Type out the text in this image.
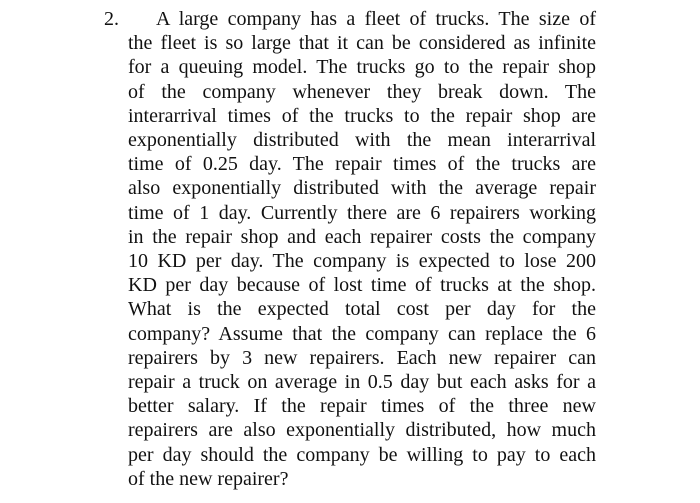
2.	A large company has a fleet of trucks. The size of
the fleet is so large that it can be considered as infinite
for a queuing model. The trucks go to the repair shop
of the company whenever they break down. The
interarrival times of the trucks to the repair shop are
exponentially distributed with the mean interarrival
time of 0.25 day. The repair times of the trucks are
also exponentially distributed with the average repair
time of 1 day. Currently there are 6 repairers working
in the repair shop and each repairer costs the company
10 KD per day. The company is expected to lose 200
KD per day because of lost time of trucks at the shop.
What is the expected total cost per day for the
company? Assume that the company can replace the 6
repairers by 3 new repairers. Each new repairer can
repair a truck on average in 0.5 day but each asks for a
better salary. If the repair times of the three new
repairers are also exponentially distributed, how much
per day should the company be willing to pay to each
of the new repairer?
